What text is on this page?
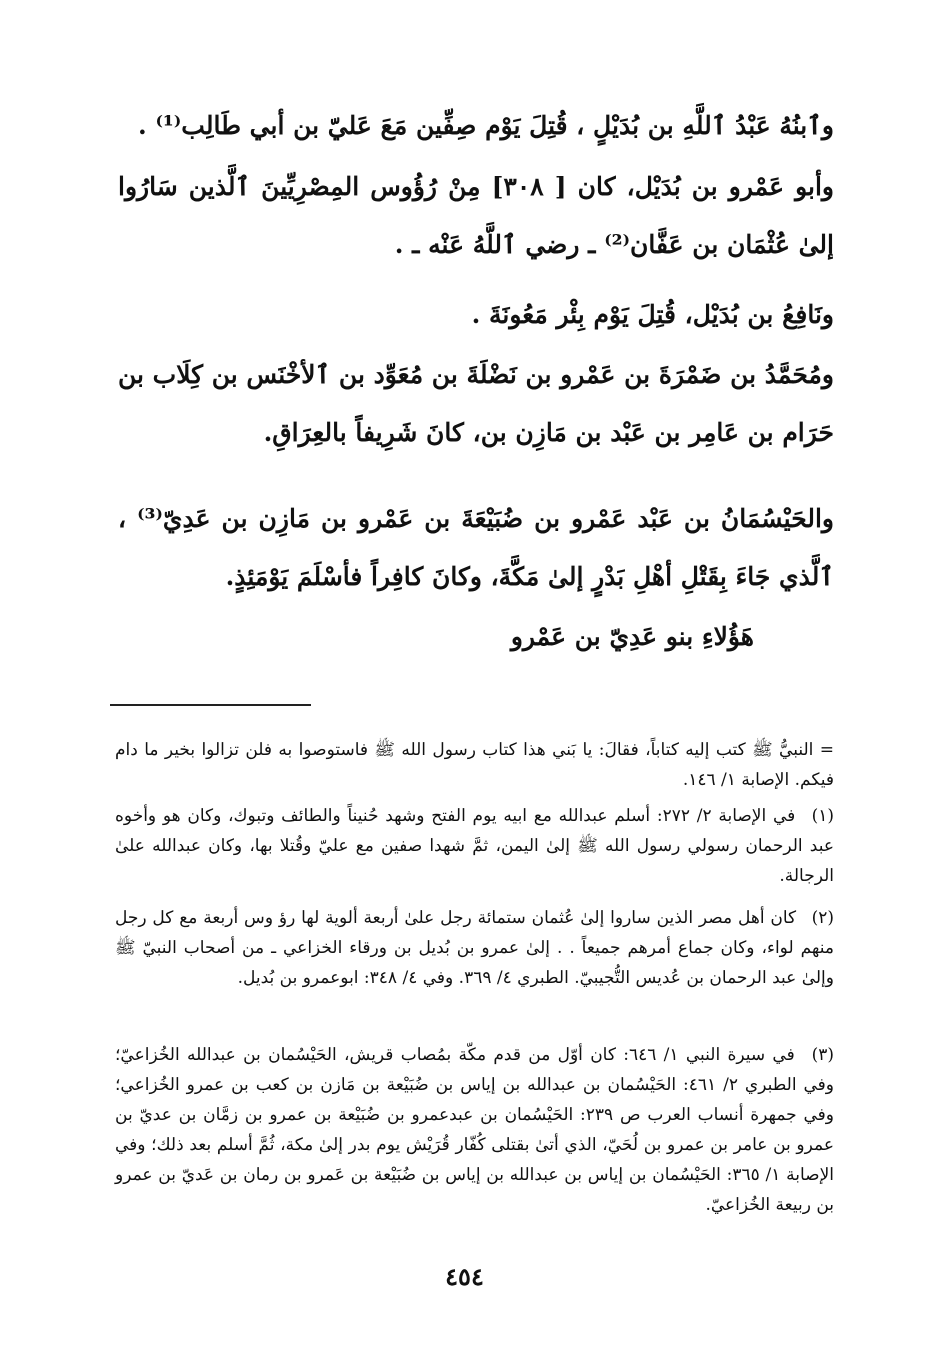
وٱبنُهُ عَبْدُ ٱللَّهِ بن بُدَيْلٍ ، قُتِلَ يَوْم صِفِّين مَعَ عَليّ بن أبي طَالِب⁽¹⁾ .

وأبو عَمْرو بن بُدَيْل، كان [ ٣٠٨] مِنْ رُؤُوس المِصْرِيِّينَ ٱلَّذين سَارُوا إلىٰ عُثْمَان بن عَفَّان⁽²⁾ ـ رضي ٱللَّهُ عَنْه ـ .

ونَافِعُ بن بُدَيْل، قُتِلَ يَوْم بِئْر مَعُونَةَ .

ومُحَمَّدُ بن ضَمْرَةَ بن عَمْرو بن نَضْلَةَ بن مُعَوِّد بن ٱلأخْنَس بن كِلَاب بن حَرَام بن عَامِر بن عَبْد بن مَازِن بن، كانَ شَرِيفاً بالعِرَاقِ.

والحَيْسُمَانُ بن عَبْد عَمْرو بن ضُبَيْعَةَ بن عَمْرو بن مَازِن بن عَدِيّ⁽³⁾ ، ٱلَّذي جَاءَ بِقَتْلِ أهْلِ بَدْرٍ إلىٰ مَكَّةَ، وكانَ كافِراً فأسْلَمَ يَوْمَئِذٍ.

هَؤُلاءِ بنو عَدِيّ بن عَمْرو

= النبيُّ ﷺ كتب إليه كتاباً، فقالَ: يا بَني هذا كتاب رسول الله ﷺ فاستوصوا به فلن تزالوا بخير ما دام فيكم. الإصابة ١/ ١٤٦.

(١) في الإصابة ٢/ ٢٧٢: أسلم عبدالله مع ابيه يوم الفتح وشهد حُنيناً والطائف وتبوك، وكان هو وأخوه عبد الرحمان رسولي رسول الله ﷺ إلىٰ اليمن، ثمَّ شهدا صفين مع عليّ وقُتلا بها، وكان عبدالله علىٰ الرجالة.

(٢) كان أهل مصر الذين ساروا إلىٰ عُثمان ستمائة رجل علىٰ أربعة ألوية لها رؤ وس أربعة مع كل رجل منهم لواء، وكان جماع أمرهم جميعاً . . إلىٰ عمرو بن بُديل بن ورقاء الخزاعي ـ من أصحاب النبيّ ﷺ وإلىٰ عبد الرحمان بن عُديس التُّجيبيّ. الطبري ٤/ ٣٦٩. وفي ٤/ ٣٤٨: ابوعمرو بن بُديل.

(٣) في سيرة النبي ١/ ٦٤٦: كان أوّل من قدم مكّة بمُصاب قريش، الحَيْسُمان بن عبدالله الخُزاعيّ؛ وفي الطبري ٢/ ٤٦١: الحَيْسُمان بن عبدالله بن إياس بن ضُبَيْعة بن مَازن بن كعب بن عمرو الخُزاعي؛ وفي جمهرة أنساب العرب ص ٢٣٩: الحَيْسُمان بن عبدعمرو بن ضُبَيْعة بن عمرو بن زمَّان بن عديّ بن عمرو بن عامر بن عمرو بن لُحَيّ، الذي أتىٰ بقتلى كُفّار قُرَيْش يوم بدر إلىٰ مكة، ثُمَّ أسلم بعد ذلك؛ وفي الإصابة ١/ ٣٦٥: الحَيْسُمان بن إياس بن عبدالله بن إياس بن ضُبَيْعة بن عَمرو بن رمان بن عَديّ بن عمرو بن ربيعة الخُزاعيّ.

٤٥٤
